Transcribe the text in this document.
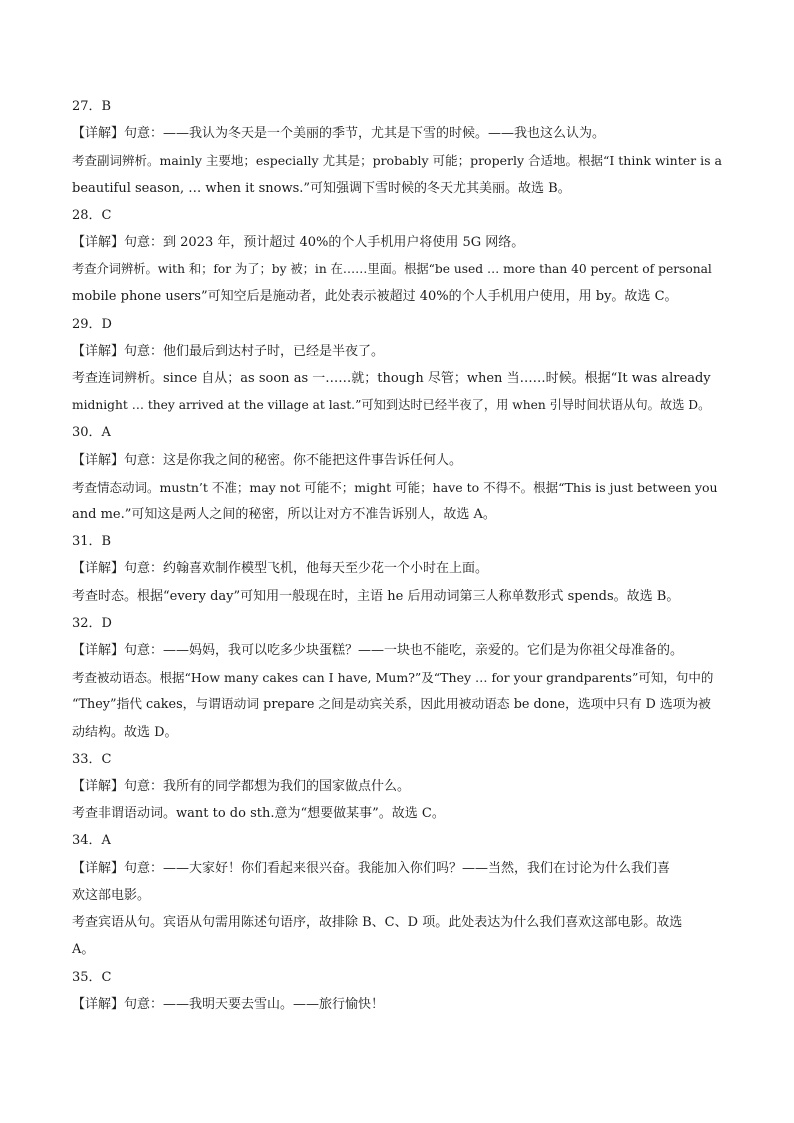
27．B
【详解】句意：——我认为冬天是一个美丽的季节，尤其是下雪的时候。——我也这么认为。
考查副词辨析。mainly 主要地；especially 尤其是；probably 可能；properly 合适地。根据“I think winter is a
beautiful season, … when it snows.”可知强调下雪时候的冬天尤其美丽。故选 B。
28．C
【详解】句意：到 2023 年，预计超过 40%的个人手机用户将使用 5G 网络。
考查介词辨析。with 和；for 为了；by 被；in 在……里面。根据“be used … more than 40 percent of personal
mobile phone users”可知空后是施动者，此处表示被超过 40%的个人手机用户使用，用 by。故选 C。
29．D
【详解】句意：他们最后到达村子时，已经是半夜了。
考查连词辨析。since 自从；as soon as 一……就；though 尽管；when 当……时候。根据“It was already
midnight … they arrived at the village at last.”可知到达时已经半夜了，用 when 引导时间状语从句。故选 D。
30．A
【详解】句意：这是你我之间的秘密。你不能把这件事告诉任何人。
考查情态动词。mustn’t 不准；may not 可能不；might 可能；have to 不得不。根据“This is just between you
and me.”可知这是两人之间的秘密，所以让对方不准告诉别人，故选 A。
31．B
【详解】句意：约翰喜欢制作模型飞机，他每天至少花一个小时在上面。
考查时态。根据“every day”可知用一般现在时，主语 he 后用动词第三人称单数形式 spends。故选 B。
32．D
【详解】句意：——妈妈，我可以吃多少块蛋糕？——一块也不能吃，亲爱的。它们是为你祖父母准备的。
考查被动语态。根据“How many cakes can I have, Mum?”及“They … for your grandparents”可知，句中的
“They”指代 cakes，与谓语动词 prepare 之间是动宾关系，因此用被动语态 be done，选项中只有 D 选项为被
动结构。故选 D。
33．C
【详解】句意：我所有的同学都想为我们的国家做点什么。
考查非谓语动词。want to do sth.意为“想要做某事”。故选 C。
34．A
【详解】句意：——大家好！你们看起来很兴奋。我能加入你们吗？——当然，我们在讨论为什么我们喜
欢这部电影。
考查宾语从句。宾语从句需用陈述句语序，故排除 B、C、D 项。此处表达为什么我们喜欢这部电影。故选
A。
35．C
【详解】句意：——我明天要去雪山。——旅行愉快！
